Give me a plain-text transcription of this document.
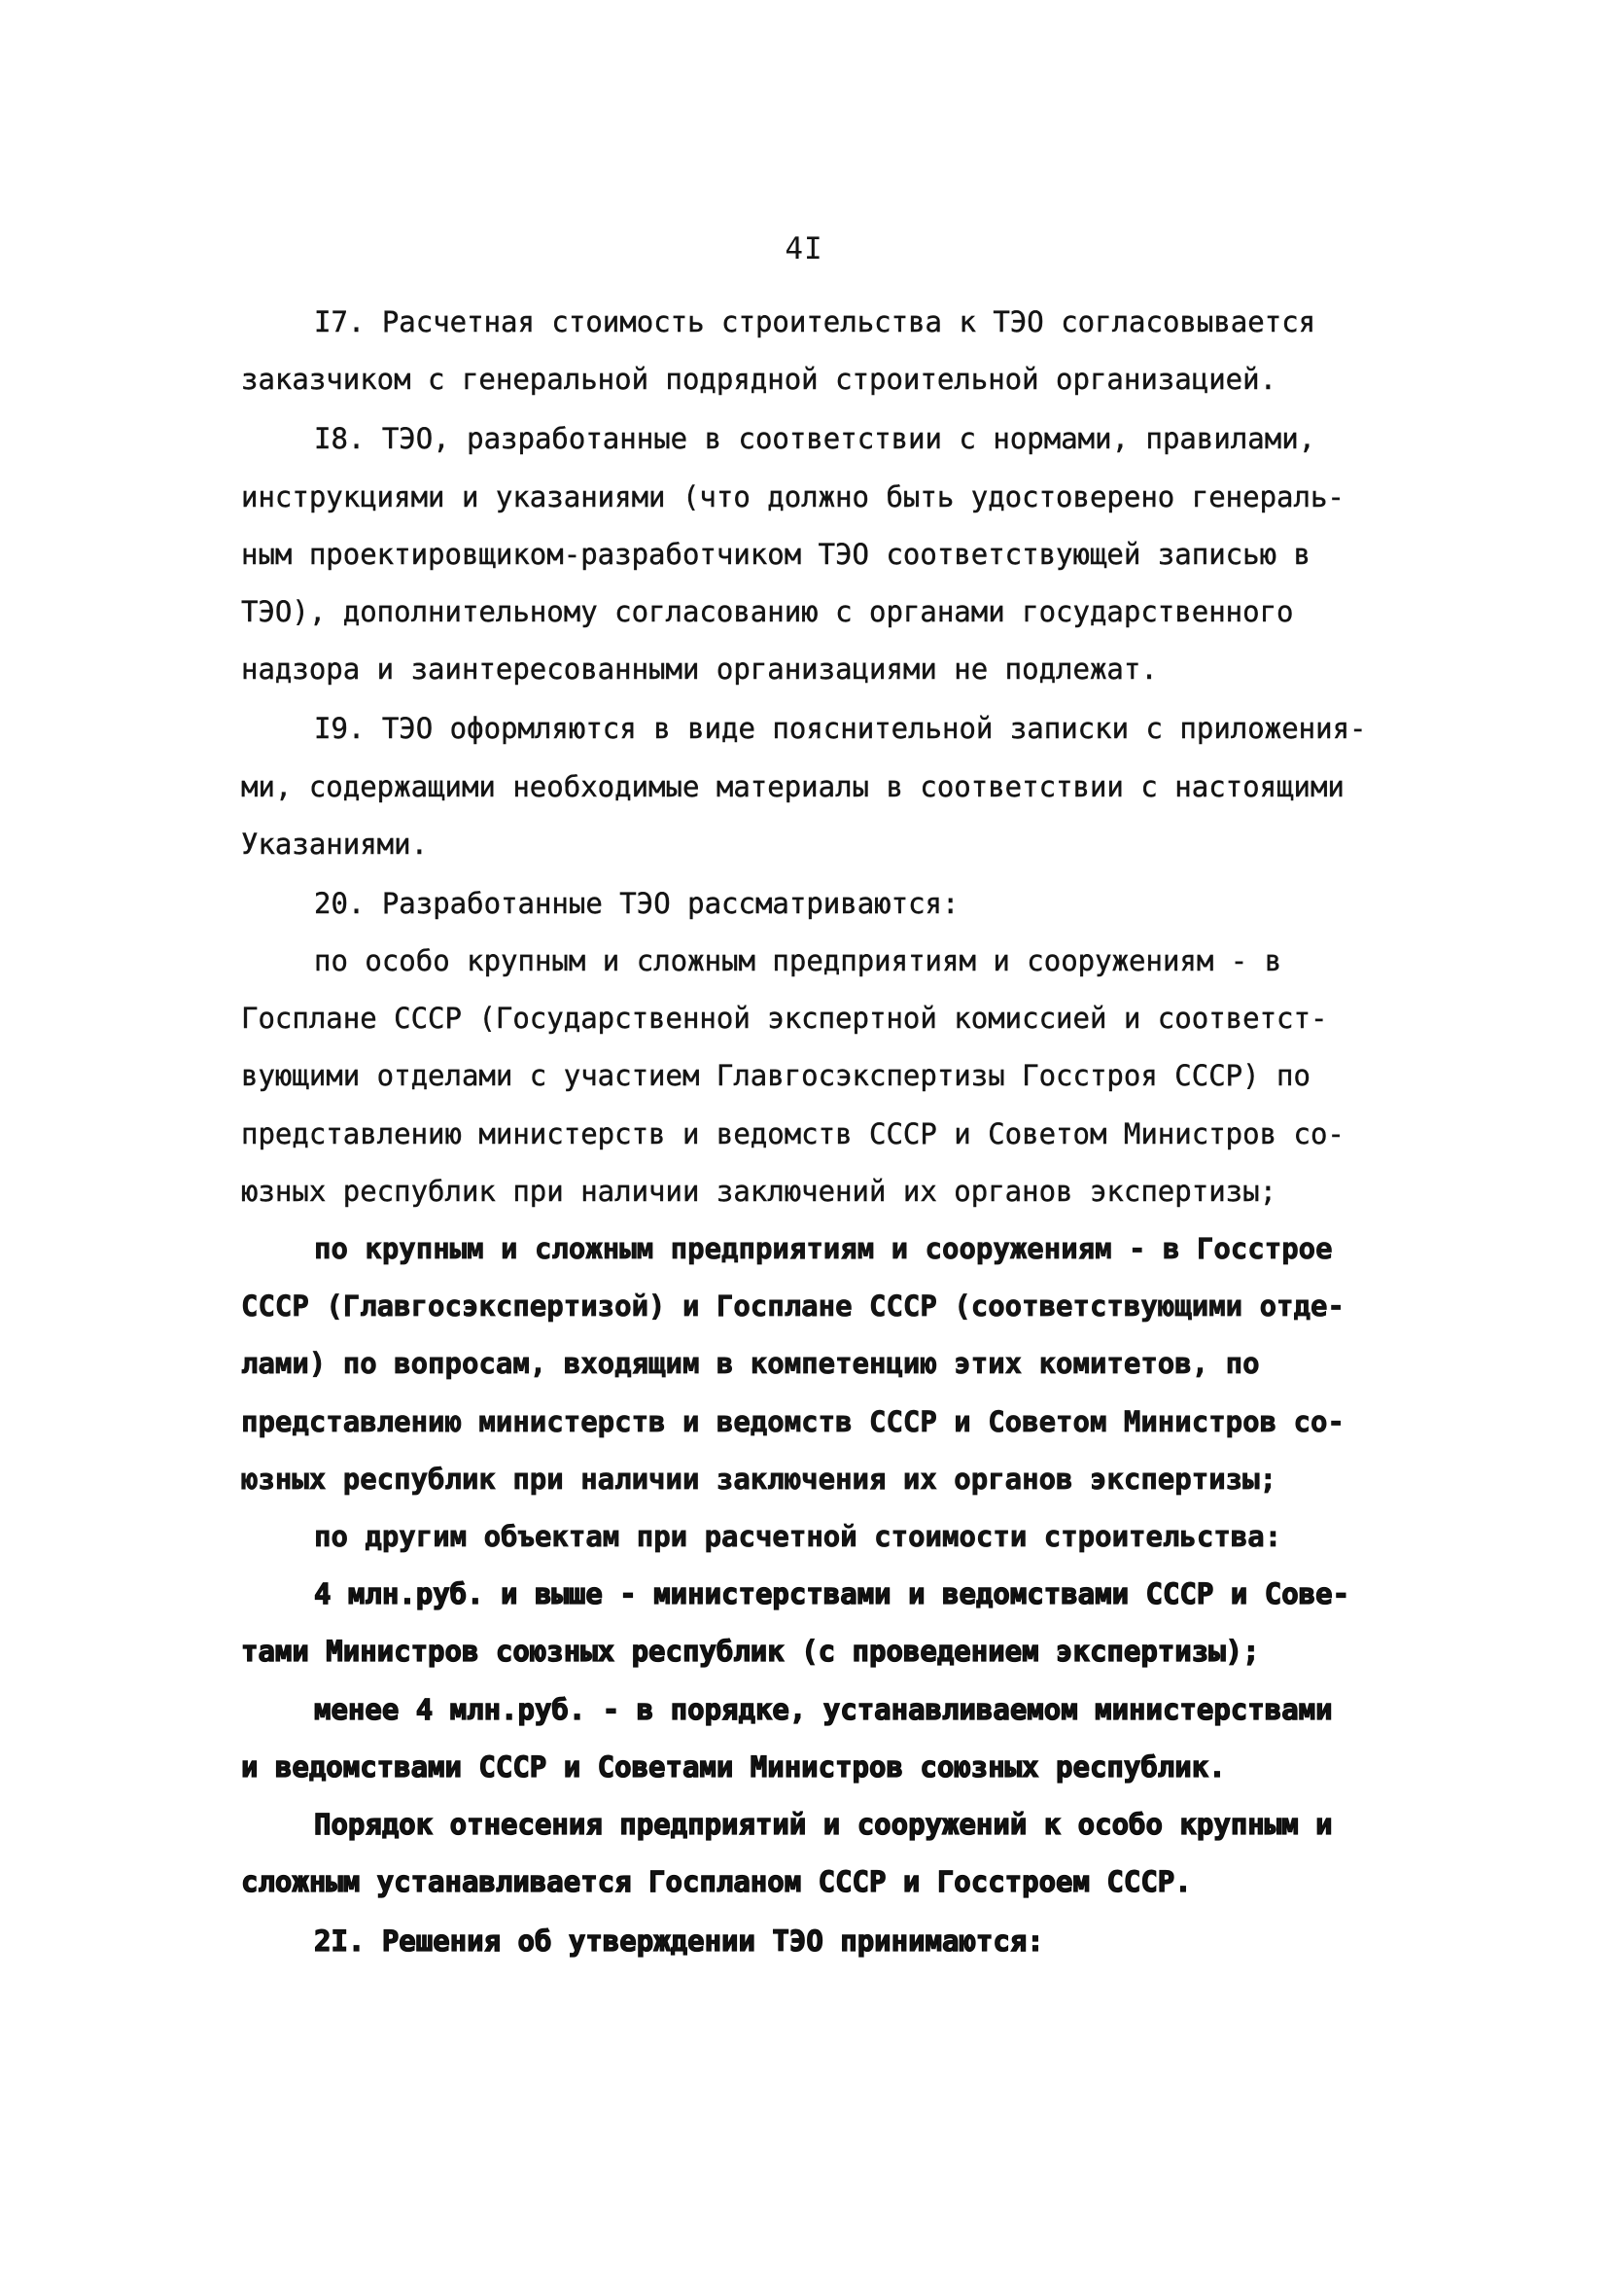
4I
I7. Расчетная стоимость строительства к ТЭО согласовывается
заказчиком с генеральной подрядной строительной организацией.
I8. ТЭО, разработанные в соответствии с нормами, правилами,
инструкциями и указаниями (что должно быть удостоверено генераль-
ным проектировщиком-разработчиком ТЭО соответствующей записью в
ТЭО), дополнительному согласованию с органами государственного
надзора и заинтересованными организациями не подлежат.
I9. ТЭО оформляются в виде пояснительной записки с приложения-
ми, содержащими необходимые материалы в соответствии с настоящими
Указаниями.
20. Разработанные ТЭО рассматриваются:
по особо крупным и сложным предприятиям и сооружениям - в
Госплане СССР (Государственной экспертной комиссией и соответст-
вующими отделами с участием Главгосэкспертизы Госстроя СССР) по
представлению министерств и ведомств СССР и Советом Министров со-
юзных республик при наличии заключений их органов экспертизы;
по крупным и сложным предприятиям и сооружениям - в Госстрое
СССР (Главгосэкспертизой) и Госплане СССР (соответствующими отде-
лами) по вопросам, входящим в компетенцию этих комитетов, по
представлению министерств и ведомств СССР и Советом Министров со-
юзных республик при наличии заключения их органов экспертизы;
по другим объектам при расчетной стоимости строительства:
4 млн.руб. и выше - министерствами и ведомствами СССР и Сове-
тами Министров союзных республик (с проведением экспертизы);
менее 4 млн.руб. - в порядке, устанавливаемом министерствами
и ведомствами СССР и Советами Министров союзных республик.
Порядок отнесения предприятий и сооружений к особо крупным и
сложным устанавливается Госпланом СССР и Госстроем СССР.
2I. Решения об утверждении ТЭО принимаются:
